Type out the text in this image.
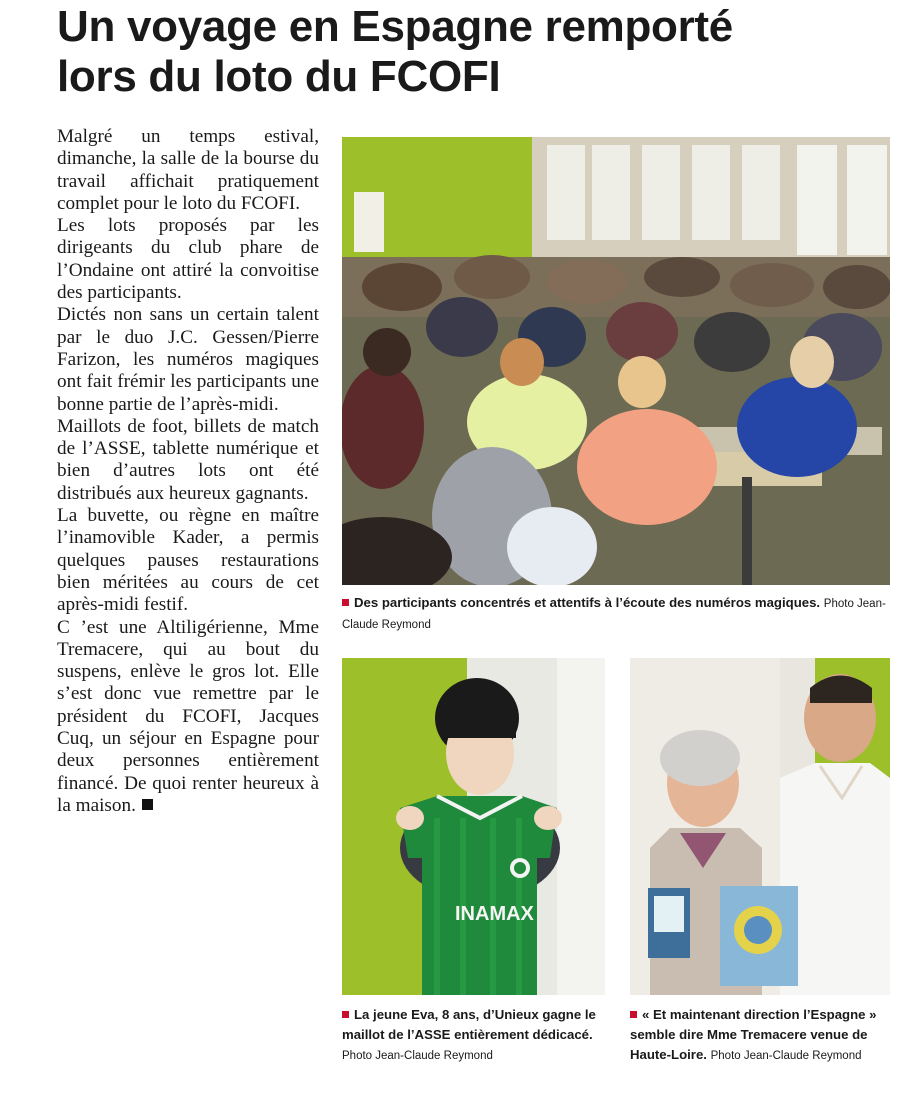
Un voyage en Espagne remporté
lors du loto du FCOFI

Malgré un temps estival, dimanche, la salle de la bourse du travail affichait pratiquement complet pour le loto du FCOFI.

Les lots proposés par les dirigeants du club phare de l’Ondaine ont attiré la convoitise des participants.

Dictés non sans un certain talent par le duo J.C. Gessen/Pierre Farizon, les numéros magiques ont fait frémir les participants une bonne partie de l’après-midi.

Maillots de foot, billets de match de l’ASSE, tablette numérique et bien d’autres lots ont été distribués aux heureux gagnants.

La buvette, ou règne en maître l’inamovible Kader, a permis quelques pauses restaurations bien méritées au cours de cet après-midi festif.

C ’est une Altiligérienne, Mme Tremacere, qui au bout du suspens, enlève le gros lot. Elle s’est donc vue remettre par le président du FCOFI, Jacques Cuq, un séjour en Espagne pour deux personnes entièrement financé. De quoi renter heureux à la maison.

Des participants concentrés et attentifs à l’écoute des numéros magiques. Photo Jean-Claude Reymond
INAMAX
La jeune Eva, 8 ans, d’Unieux gagne le maillot de l’ASSE entièrement dédicacé.
Photo Jean-Claude Reymond
« Et maintenant direction l’Espagne » semble dire Mme Tremacere venue de Haute-Loire. Photo Jean-Claude Reymond
